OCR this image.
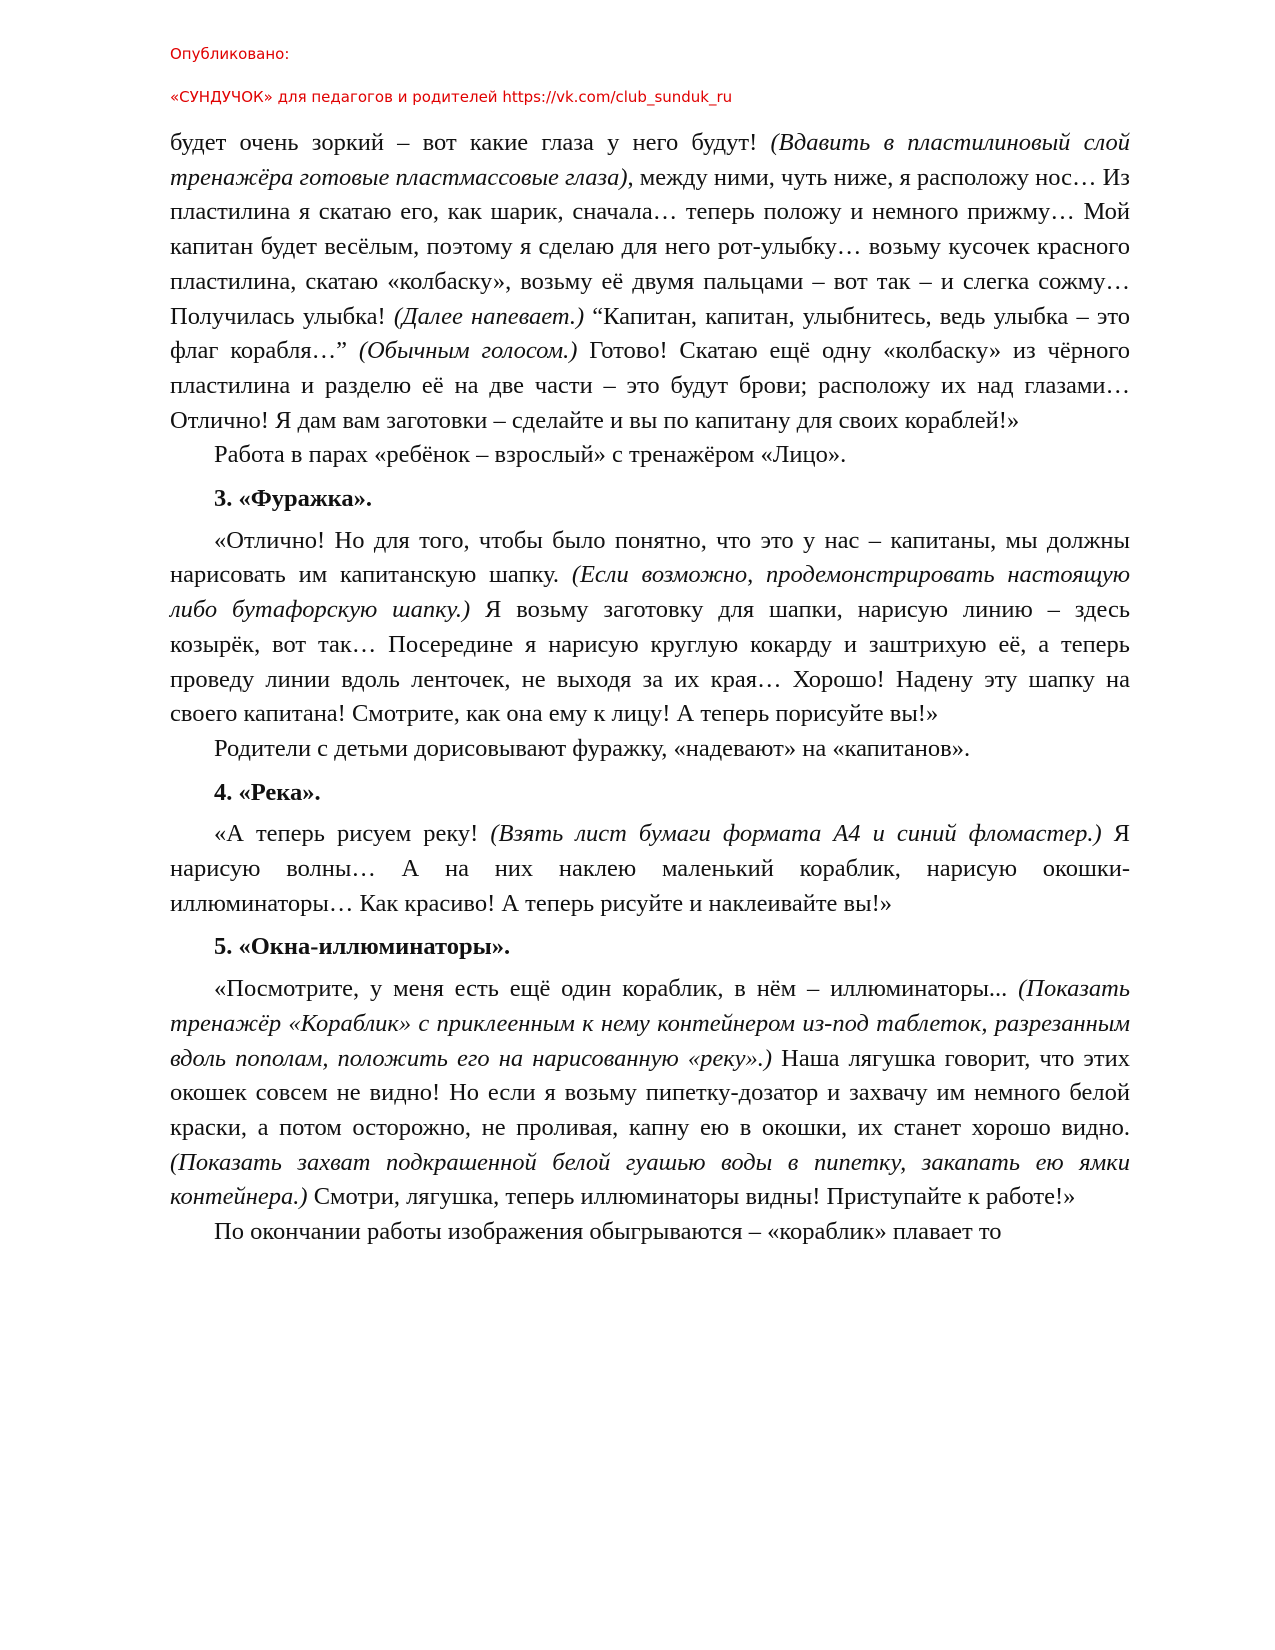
Опубликовано:
«СУНДУЧОК» для педагогов и родителей https://vk.com/club_sunduk_ru

будет очень зоркий – вот какие глаза у него будут! (Вдавить в пластилиновый слой тренажёра готовые пластмассовые глаза), между ними, чуть ниже, я расположу нос… Из пластилина я скатаю его, как шарик, сначала… теперь положу и немного прижму… Мой капитан будет весёлым, поэтому я сделаю для него рот-улыбку… возьму кусочек красного пластилина, скатаю «колбаску», возьму её двумя пальцами – вот так – и слегка сожму… Получилась улыбка! (Далее напевает.) “Капитан, капитан, улыбнитесь, ведь улыбка – это флаг корабля…” (Обычным голосом.) Готово! Скатаю ещё одну «колбаску» из чёрного пластилина и разделю её на две части – это будут брови; расположу их над глазами… Отлично! Я дам вам заготовки – сделайте и вы по капитану для своих кораблей!»

Работа в парах «ребёнок – взрослый» с тренажёром «Лицо».

3. «Фуражка».

«Отлично! Но для того, чтобы было понятно, что это у нас – капитаны, мы должны нарисовать им капитанскую шапку. (Если возможно, продемонстрировать настоящую либо бутафорскую шапку.) Я возьму заготовку для шапки, нарисую линию – здесь козырёк, вот так… Посередине я нарисую круглую кокарду и заштрихую её, а теперь проведу линии вдоль ленточек, не выходя за их края… Хорошо! Надену эту шапку на своего капитана! Смотрите, как она ему к лицу! А теперь порисуйте вы!»

Родители с детьми дорисовывают фуражку, «надевают» на «капитанов».

4. «Река».

«А теперь рисуем реку! (Взять лист бумаги формата А4 и синий фломастер.) Я нарисую волны… А на них наклею маленький кораблик, нарисую окошки-иллюминаторы… Как красиво! А теперь рисуйте и наклеивайте вы!»

5. «Окна-иллюминаторы».

«Посмотрите, у меня есть ещё один кораблик, в нём – иллюминаторы... (Показать тренажёр «Кораблик» с приклеенным к нему контейнером из-под таблеток, разрезанным вдоль пополам, положить его на нарисованную «реку».) Наша лягушка говорит, что этих окошек совсем не видно! Но если я возьму пипетку-дозатор и захвачу им немного белой краски, а потом осторожно, не проливая, капну ею в окошки, их станет хорошо видно. (Показать захват подкрашенной белой гуашью воды в пипетку, закапать ею ямки контейнера.) Смотри, лягушка, теперь иллюминаторы видны! Приступайте к работе!»

По окончании работы изображения обыгрываются – «кораблик» плавает то
